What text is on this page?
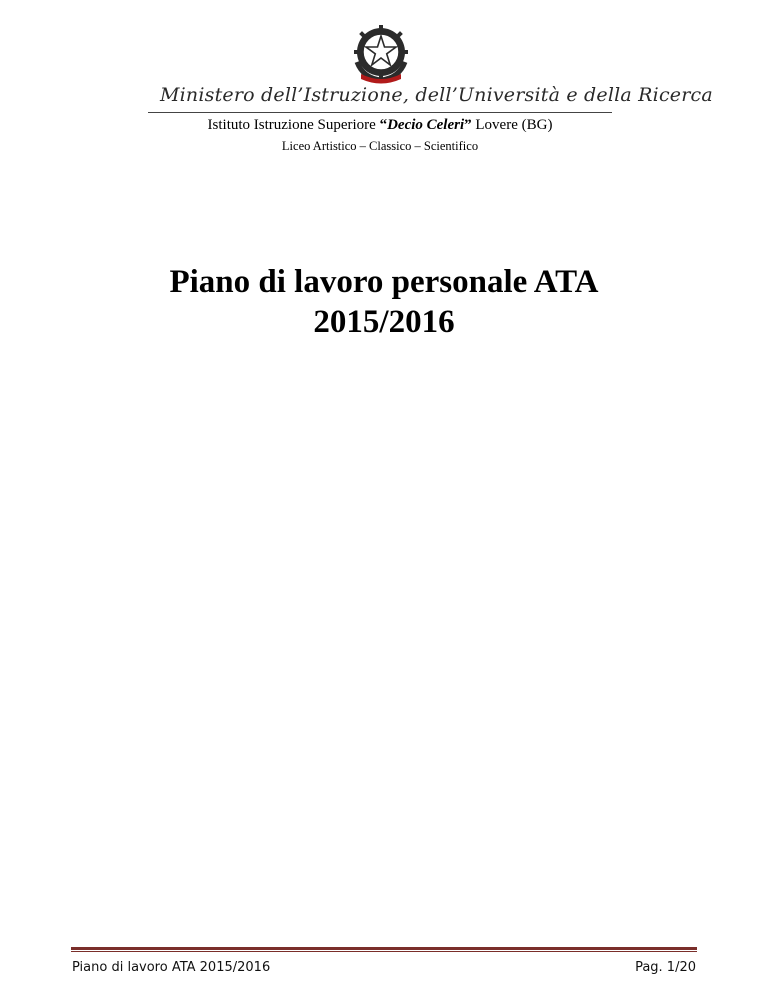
Ministero dell’Istruzione, dell’Università e della Ricerca
Istituto Istruzione Superiore “Decio Celeri” Lovere (BG)
Liceo Artistico – Classico – Scientifico
Piano di lavoro personale ATA
2015/2016
Piano di lavoro ATA 2015/2016	Pag. 1/20
